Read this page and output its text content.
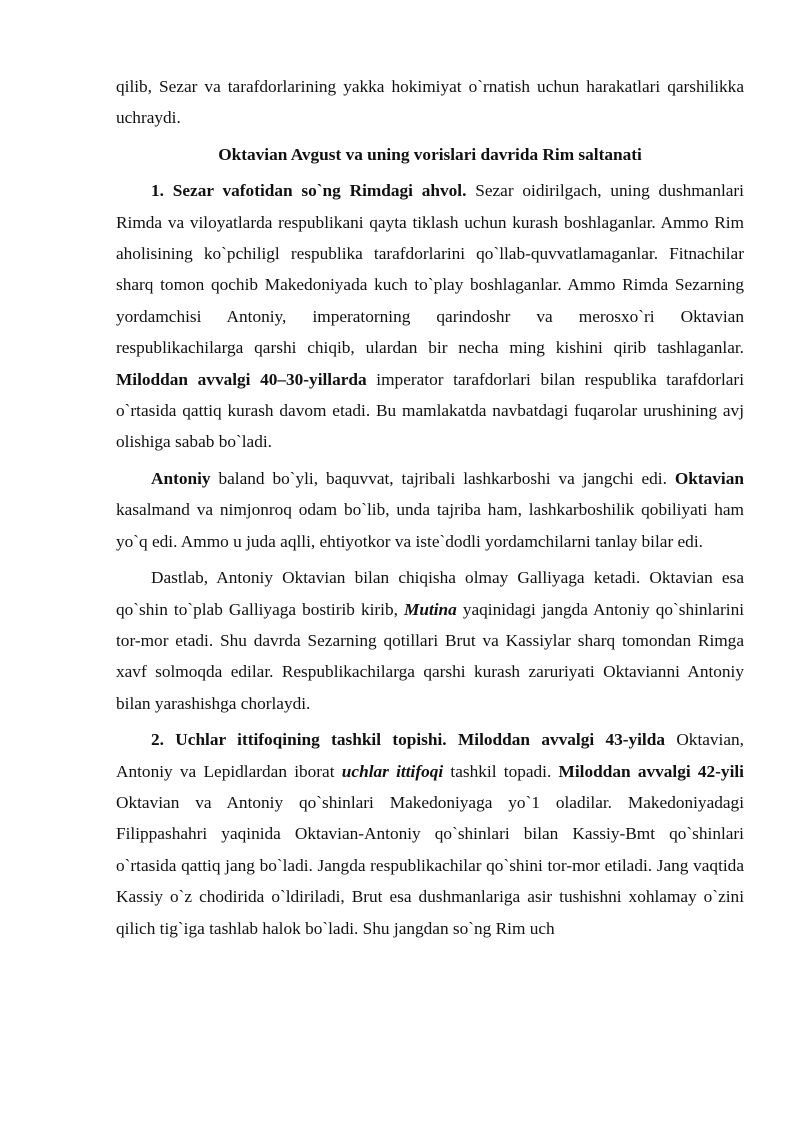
qilib, Sezar va tarafdorlarining yakka hokimiyat o`rnatish uchun harakatlari qarshilikka uchraydi.

Oktavian Avgust va uning vorislari davrida Rim saltanati

1. Sezar vafotidan so`ng Rimdagi ahvol. Sezar oidirilgach, uning dushmanlari Rimda va viloyatlarda respublikani qayta tiklash uchun kurash boshlaganlar. Ammo Rim aholisining ko`pchiligl respublika tarafdorlarini qo`llab-quvvatlamaganlar. Fitnachilar sharq tomon qochib Makedoniyada kuch to`play boshlaganlar. Ammo Rimda Sezarning yordamchisi Antoniy, imperatorning qarindoshr va merosxo`ri Oktavian respublikachilarga qarshi chiqib, ulardan bir necha ming kishini qirib tashlaganlar. Miloddan avvalgi 40–30-yillarda imperator tarafdorlari bilan respublika tarafdorlari o`rtasida qattiq kurash davom etadi. Bu mamlakatda navbatdagi fuqarolar urushining avj olishiga sabab bo`ladi.

Antoniy baland bo`yli, baquvvat, tajribali lashkarboshi va jangchi edi. Oktavian kasalmand va nimjonroq odam bo`lib, unda tajriba ham, lashkarboshilik qobiliyati ham yo`q edi. Ammo u juda aqlli, ehtiyotkor va iste`dodli yordamchilarni tanlay bilar edi.

Dastlab, Antoniy Oktavian bilan chiqisha olmay Galliyaga ketadi. Oktavian esa qo`shin to`plab Galliyaga bostirib kirib, Mutina yaqinidagi jangda Antoniy qo`shinlarini tor-mor etadi. Shu davrda Sezarning qotillari Brut va Kassiylar sharq tomondan Rimga xavf solmoqda edilar. Respublikachilarga qarshi kurash zaruriyati Oktavianni Antoniy bilan yarashishga chorlaydi.

2. Uchlar ittifoqining tashkil topishi. Miloddan avvalgi 43-yilda Oktavian, Antoniy va Lepidlardan iborat uchlar ittifoqi tashkil topadi. Miloddan avvalgi 42-yili Oktavian va Antoniy qo`shinlari Makedoniyaga yo`1 oladilar. Makedoniyadagi Filippashahri yaqinida Oktavian-Antoniy qo`shinlari bilan Kassiy-Bmt qo`shinlari o`rtasida qattiq jang bo`ladi. Jangda respublikachilar qo`shini tor-mor etiladi. Jang vaqtida Kassiy o`z chodirida o`ldiriladi, Brut esa dushmanlariga asir tushishni xohlamay o`zini qilich tig`iga tashlab halok bo`ladi. Shu jangdan so`ng Rim uch
